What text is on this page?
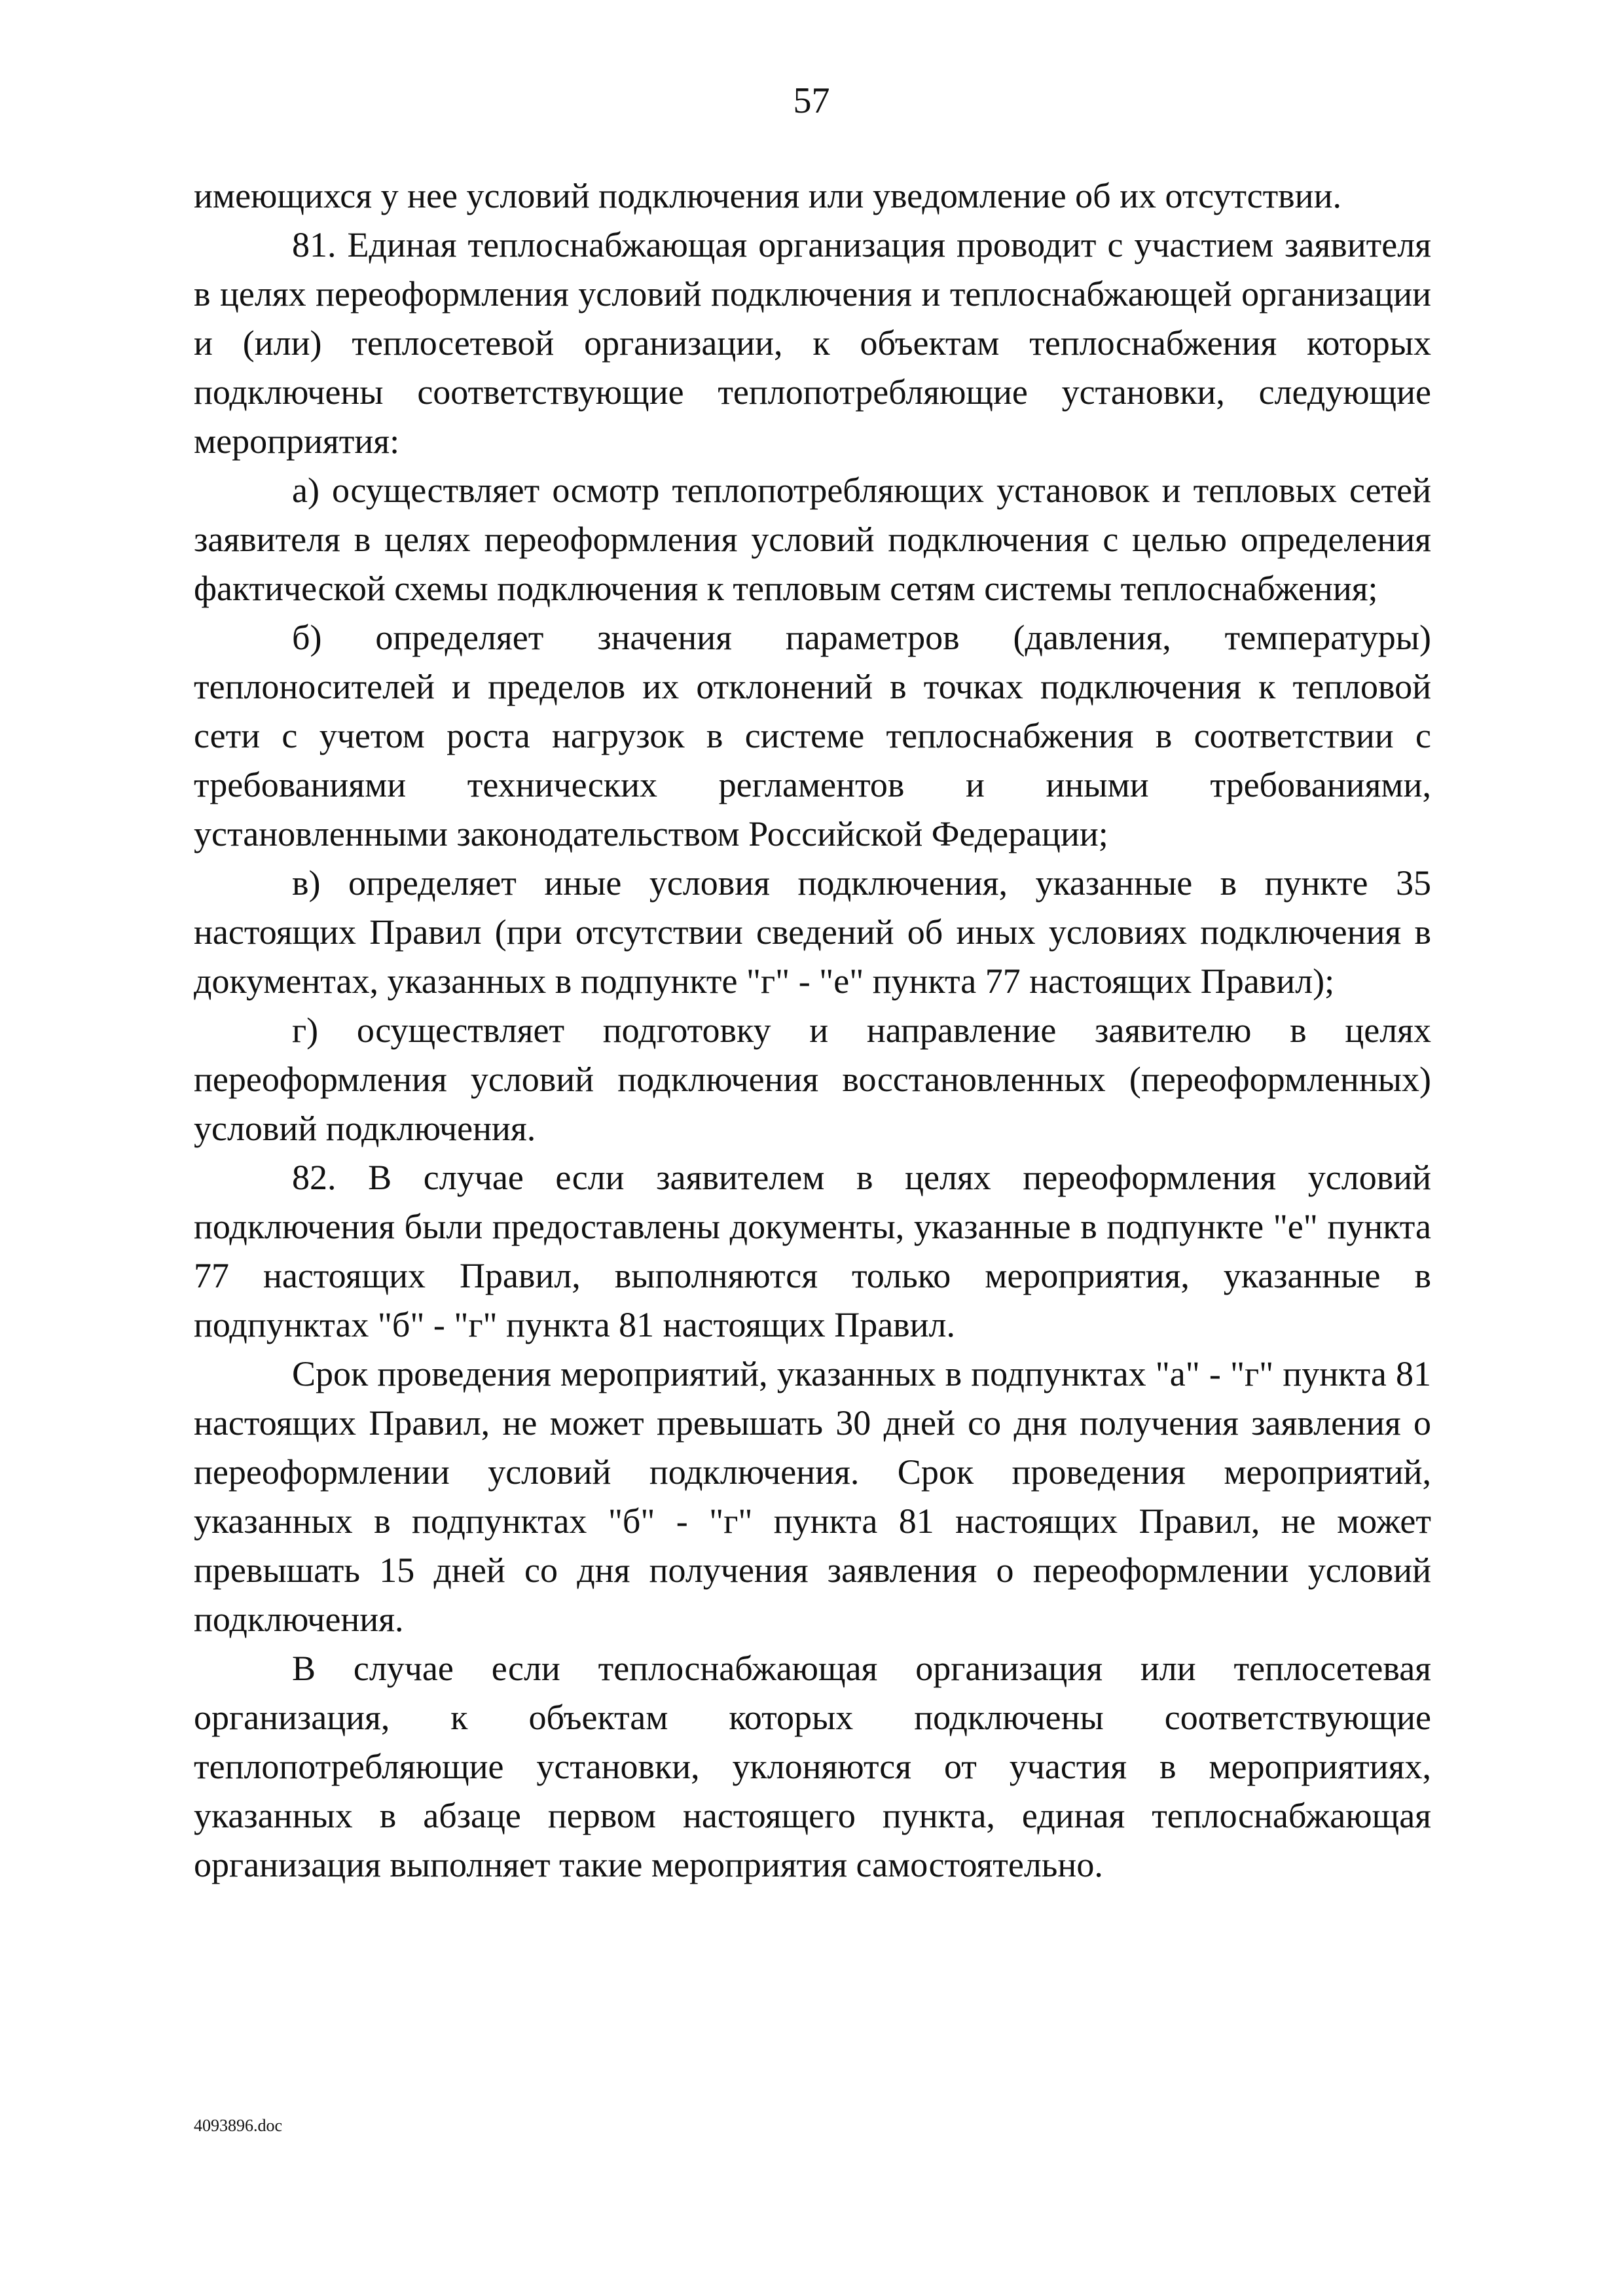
57

имеющихся у нее условий подключения или уведомление об их отсутствии.

81. Единая теплоснабжающая организация проводит с участием заявителя в целях переоформления условий подключения и теплоснабжающей организации и (или) теплосетевой организации, к объектам теплоснабжения которых подключены соответствующие теплопотребляющие установки, следующие мероприятия:

а) осуществляет осмотр теплопотребляющих установок и тепловых сетей заявителя в целях переоформления условий подключения с целью определения фактической схемы подключения к тепловым сетям системы теплоснабжения;

б) определяет значения параметров (давления, температуры) теплоносителей и пределов их отклонений в точках подключения к тепловой сети с учетом роста нагрузок в системе теплоснабжения в соответствии с требованиями технических регламентов и иными требованиями, установленными законодательством Российской Федерации;

в) определяет иные условия подключения, указанные в пункте 35 настоящих Правил (при отсутствии сведений об иных условиях подключения в документах, указанных в подпункте "г" - "е" пункта 77 настоящих Правил);

г) осуществляет подготовку и направление заявителю в целях переоформления условий подключения восстановленных (переоформленных) условий подключения.

82. В случае если заявителем в целях переоформления условий подключения были предоставлены документы, указанные в подпункте "е" пункта 77 настоящих Правил, выполняются только мероприятия, указанные в подпунктах "б" - "г" пункта 81 настоящих Правил.

Срок проведения мероприятий, указанных в подпунктах "а" - "г" пункта 81 настоящих Правил, не может превышать 30 дней со дня получения заявления о переоформлении условий подключения. Срок проведения мероприятий, указанных в подпунктах "б" - "г" пункта 81 настоящих Правил, не может превышать 15 дней со дня получения заявления о переоформлении условий подключения.

В случае если теплоснабжающая организация или теплосетевая организация, к объектам которых подключены соответствующие теплопотребляющие установки, уклоняются от участия в мероприятиях, указанных в абзаце первом настоящего пункта, единая теплоснабжающая организация выполняет такие мероприятия самостоятельно.

4093896.doc
